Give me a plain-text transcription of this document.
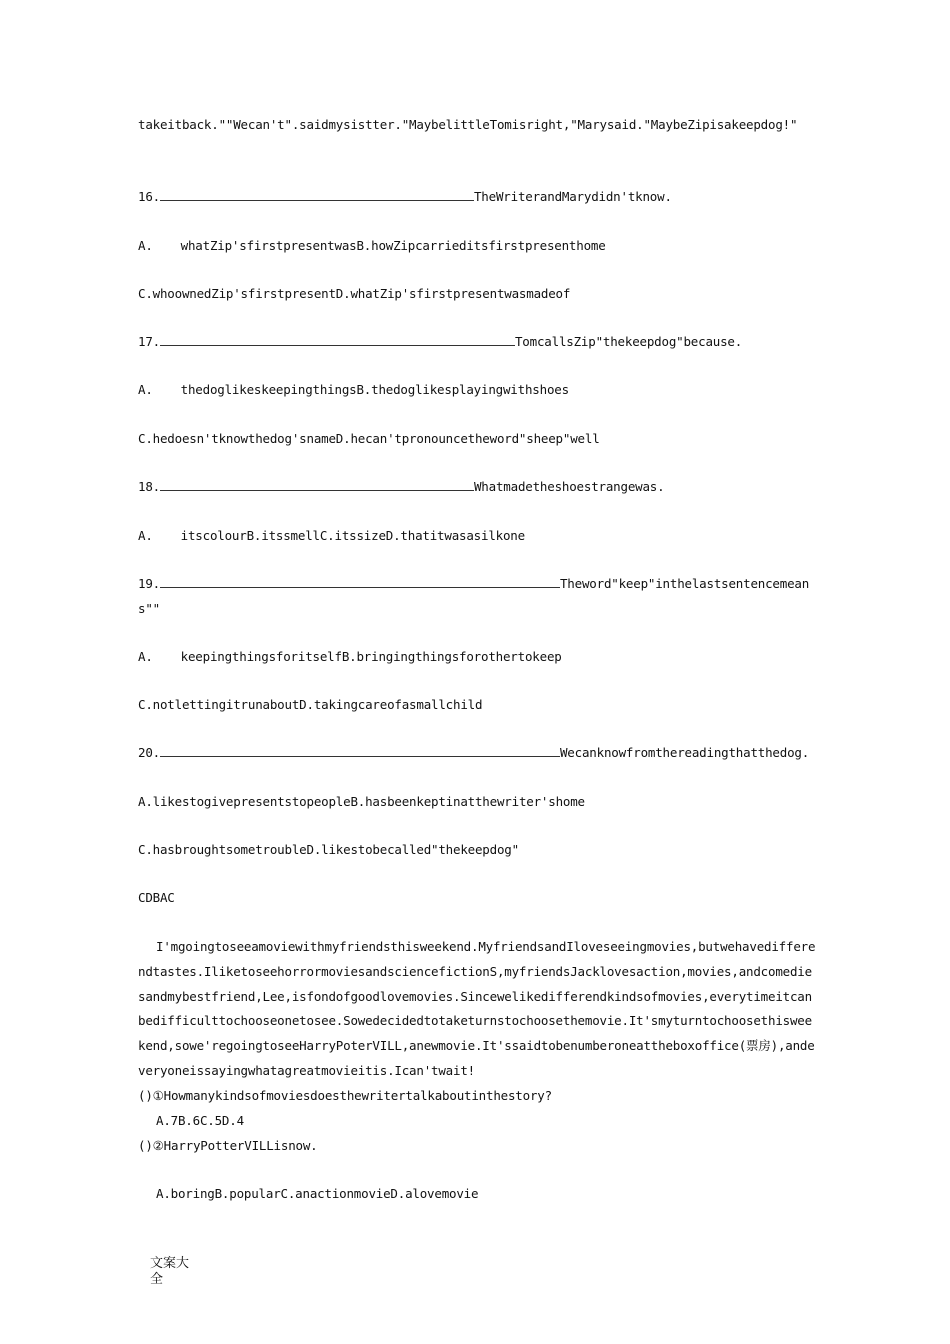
takeitback.""Wecan't".saidmysistter."MaybelittleTomisright,"Marysaid."MaybeZipisakeepdog!"
16.	TheWriterandMarydidn'tknow.
A. whatZip'sfirstpresentwasB.howZipcarrieditsfirstpresenthome
C.whoownedZip'sfirstpresentD.whatZip'sfirstpresentwasmadeof
17.	TomcallsZip"thekeepdog"because.
A. thedoglikeskeepingthingsB.thedoglikesplayingwithshoes
C.hedoesn'tknowthedog'snameD.hecan'tpronouncetheword"sheep"well
18.	Whatmadetheshoestrangewas.
A. itscolourB.itssmellC.itssizeD.thatitwasasilkone
19.	Theword"keep"inthelastsentencemeans""
A. keepingthingsforitselfB.bringingthingsforothertokeep
C.notlettingitrunaboutD.takingcareofasmallchild
20.	Wecanknowfromthereadingthatthedog.
A.likestogivepresentstopeopleB.hasbeenkeptinatthewriter'shome
C.hasbroughtsometroubleD.likestobecalled"thekeepdog"
CDBAC
I'mgoingtoseeamoviewithmyfriendsthisweekend.MyfriendsandIloveseeingmovies,butwehavedifferendtastes.IliketoseehorrormoviesandsciencefictionS,myfriendsJacklovesaction,movies,andcomediesandmybestfriend,Lee,isfondofgoodlovemovies.Sincewelikedifferendkindsofmovies,everytimeitcanbedifficulttochooseonetosee.Sowedecidedtotaketurnstochoosethemovie.It'smyturntochoosethisweekend,sowe'regoingtoseeHarryPoterVILL,anewmovie.It'ssaidtobenumberoneattheboxoffice(票房),andeveryoneissayingwhatagreatmovieitis.Ican'twait!
()①Howmanykindsofmoviesdoesthewritertalkaboutinthestory?
A.7B.6C.5D.4
()②HarryPotterVILLisnow.
A.boringB.popularC.anactionmovieD.alovemovie
文案大全
